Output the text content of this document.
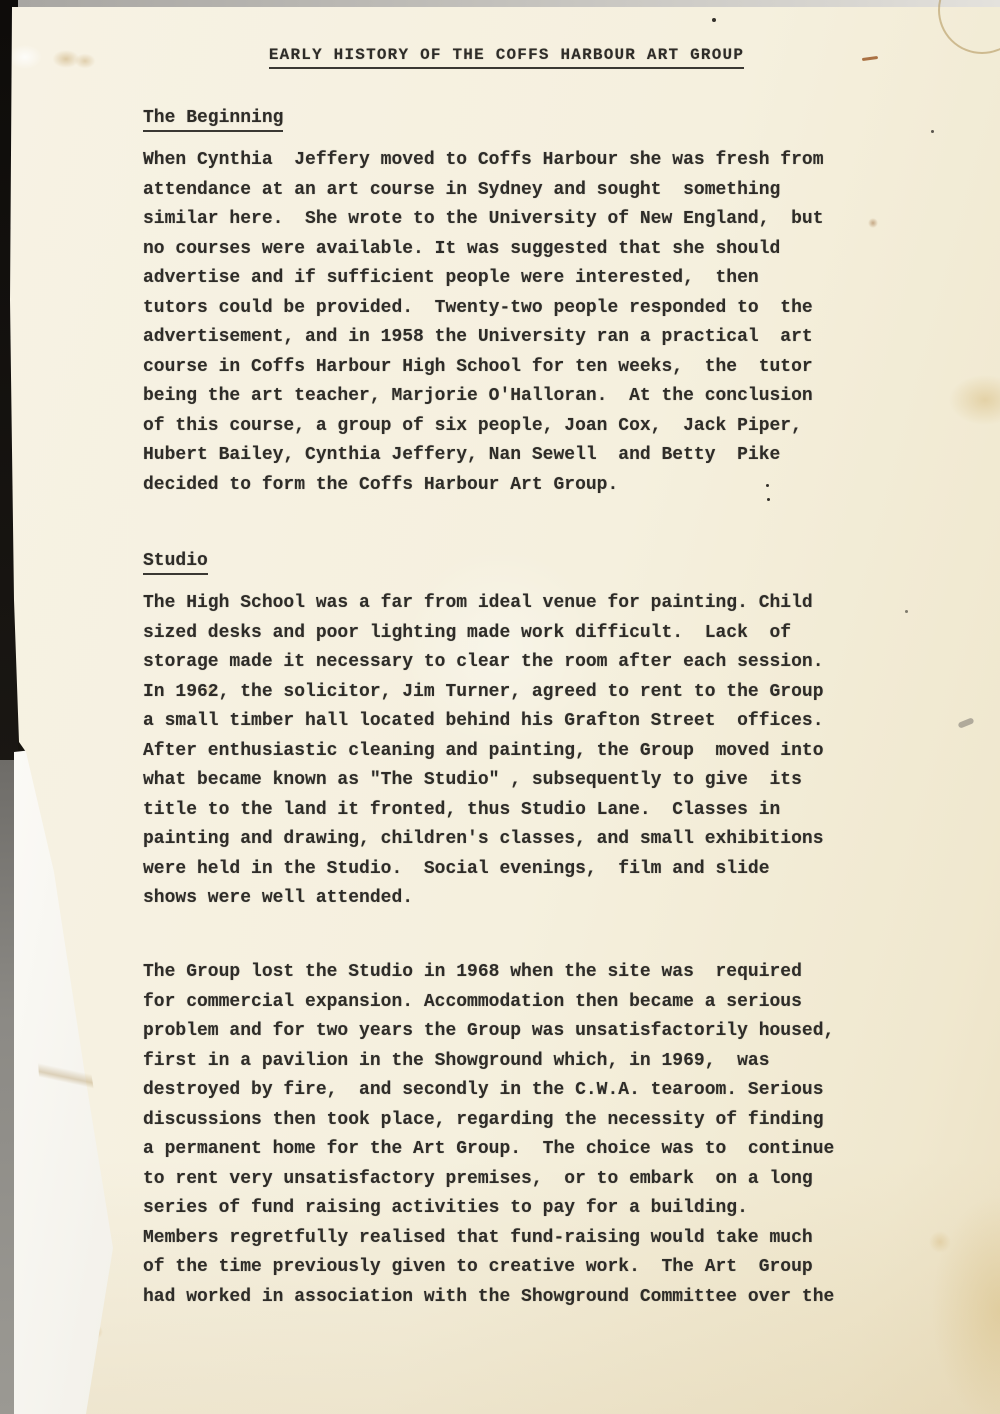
EARLY HISTORY OF THE COFFS HARBOUR ART GROUP
The Beginning
When Cynthia  Jeffery moved to Coffs Harbour she was fresh from
attendance at an art course in Sydney and sought  something
similar here.  She wrote to the University of New England,  but
no courses were available. It was suggested that she should
advertise and if sufficient people were interested,  then
tutors could be provided.  Twenty-two people responded to  the
advertisement, and in 1958 the University ran a practical  art
course in Coffs Harbour High School for ten weeks,  the  tutor
being the art teacher, Marjorie O'Halloran.  At the conclusion
of this course, a group of six people, Joan Cox,  Jack Piper,
Hubert Bailey, Cynthia Jeffery, Nan Sewell  and Betty  Pike
decided to form the Coffs Harbour Art Group.
Studio
The High School was a far from ideal venue for painting. Child
sized desks and poor lighting made work difficult.  Lack  of
storage made it necessary to clear the room after each session.
In 1962, the solicitor, Jim Turner, agreed to rent to the Group
a small timber hall located behind his Grafton Street  offices.
After enthusiastic cleaning and painting, the Group  moved into
what became known as "The Studio" , subsequently to give  its
title to the land it fronted, thus Studio Lane.  Classes in
painting and drawing, children's classes, and small exhibitions
were held in the Studio.  Social evenings,  film and slide
shows were well attended.
The Group lost the Studio in 1968 when the site was  required
for commercial expansion. Accommodation then became a serious
problem and for two years the Group was unsatisfactorily housed,
first in a pavilion in the Showground which, in 1969,  was
destroyed by fire,  and secondly in the C.W.A. tearoom. Serious
discussions then took place, regarding the necessity of finding
a permanent home for the Art Group.  The choice was to  continue
to rent very unsatisfactory premises,  or to embark  on a long
series of fund raising activities to pay for a building.
Members regretfully realised that fund-raising would take much
of the time previously given to creative work.  The Art  Group
had worked in association with the Showground Committee over the
